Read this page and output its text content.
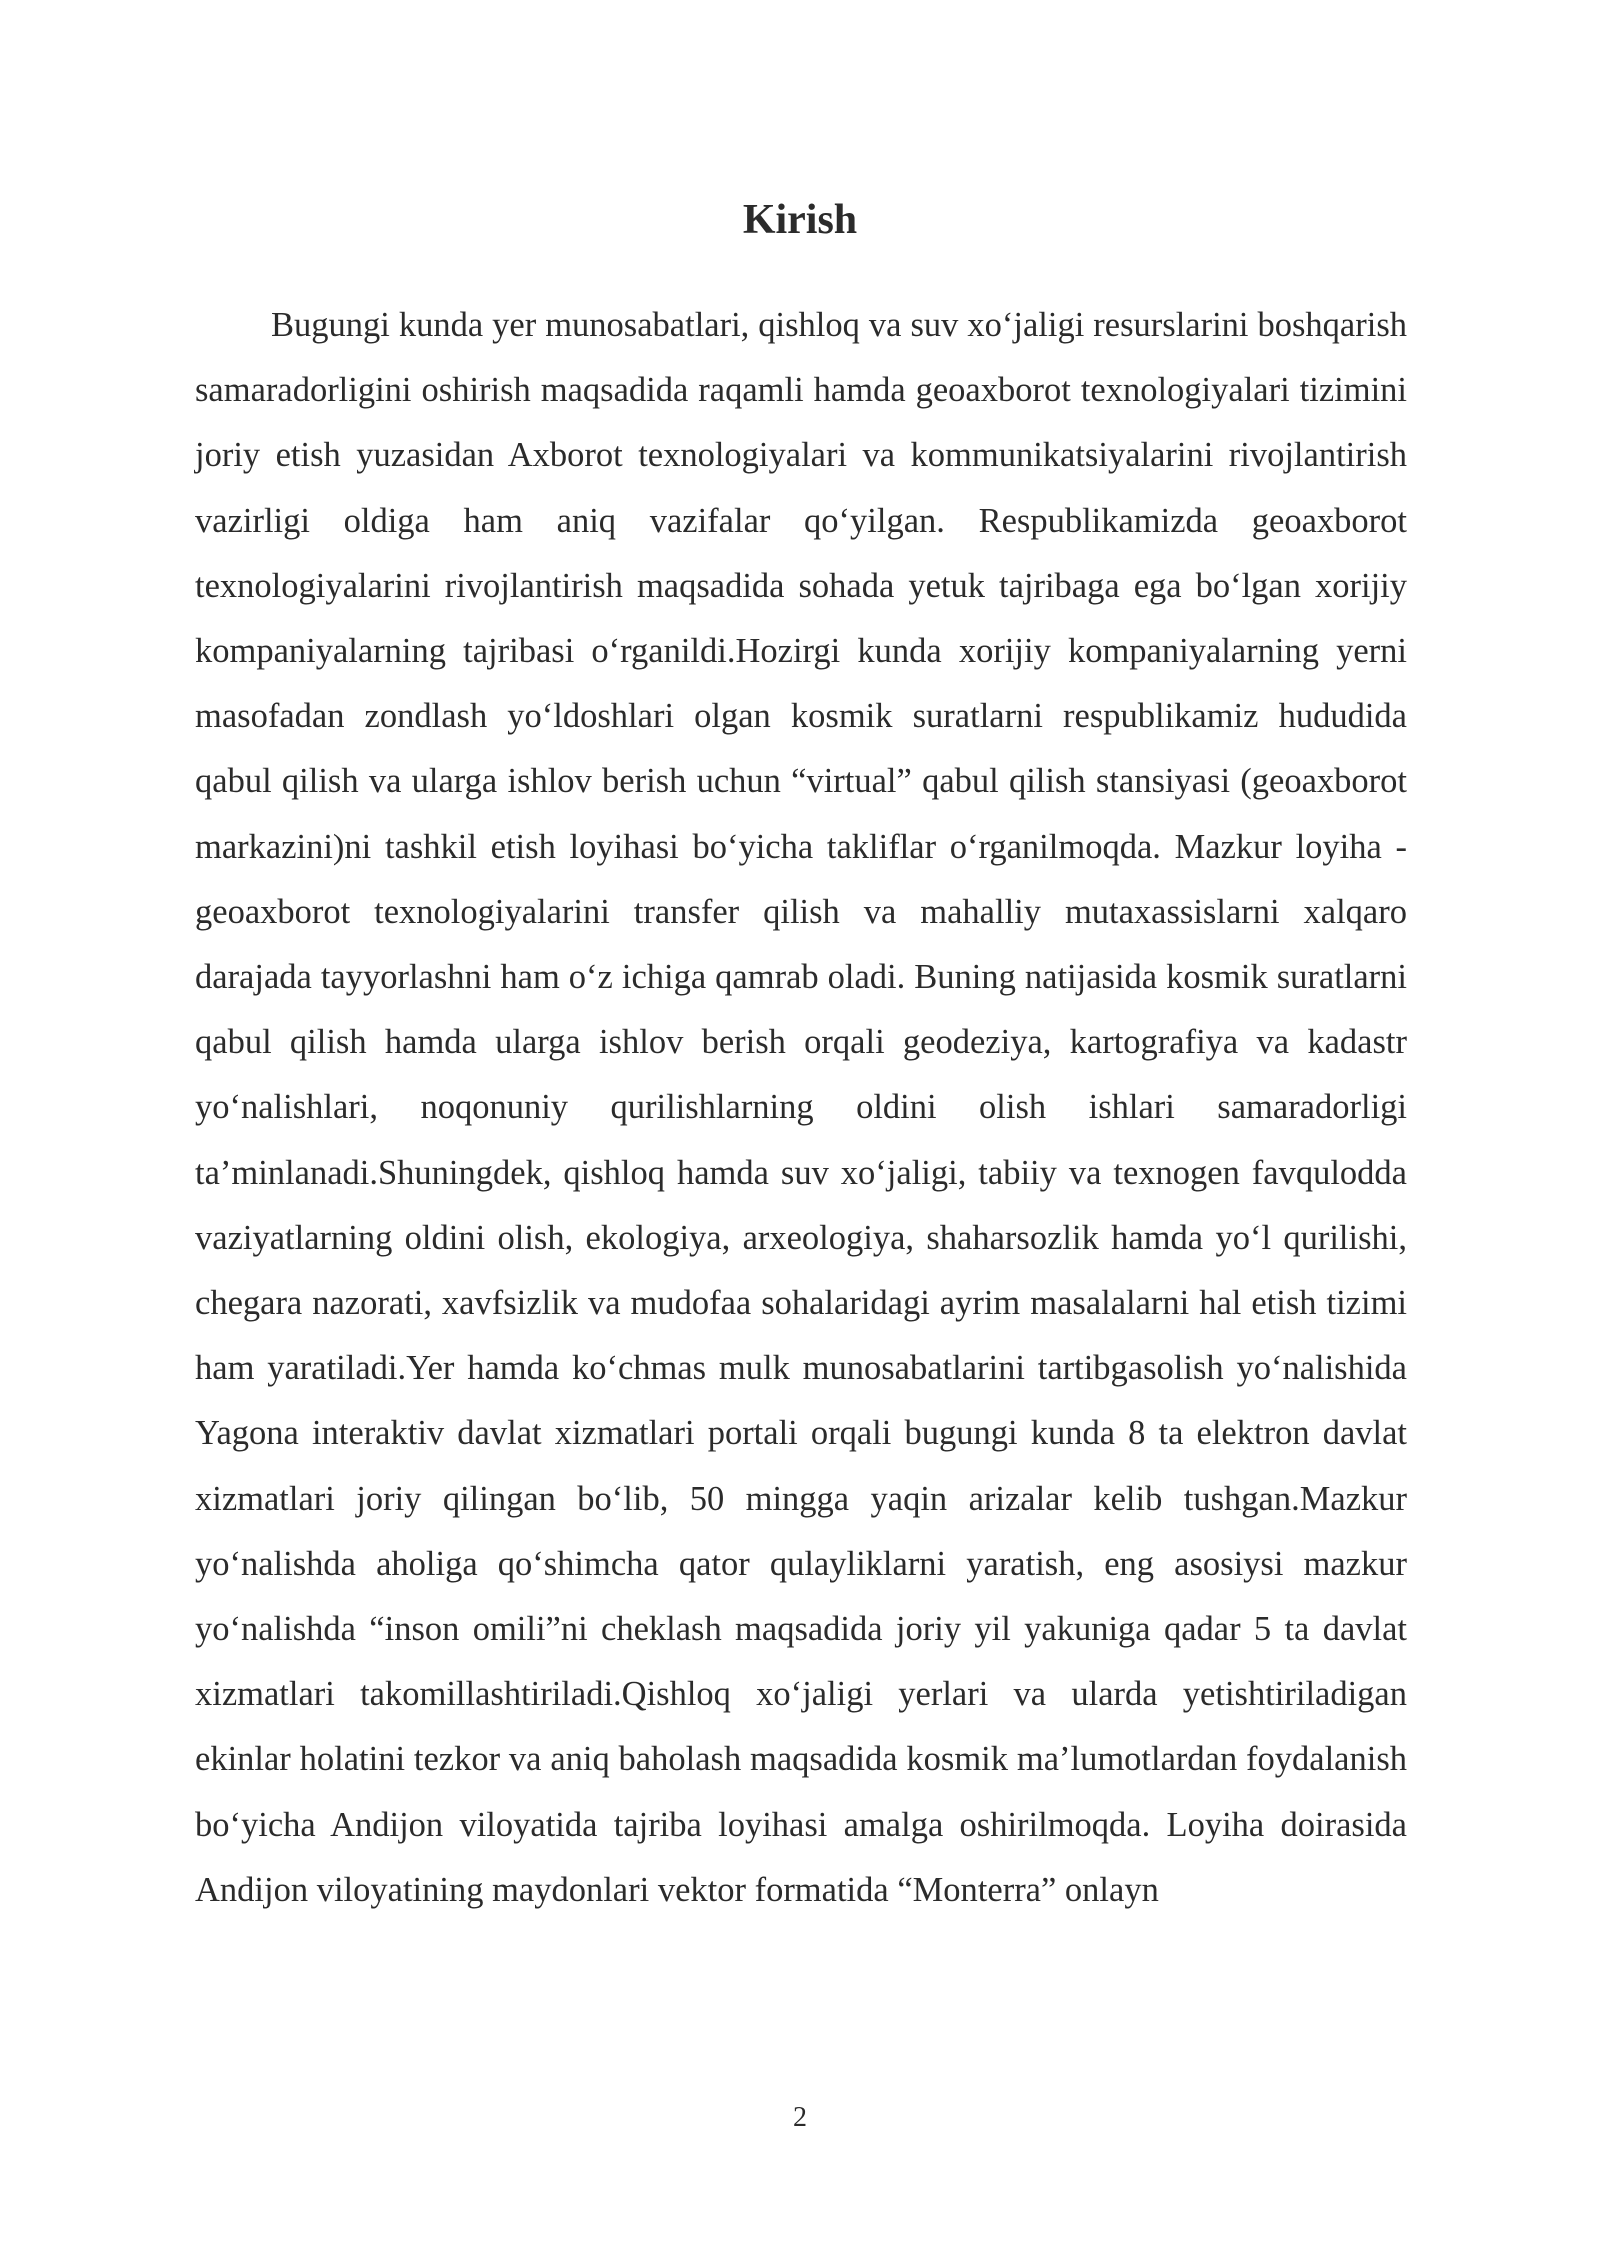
Kirish

Bugungi kunda yer munosabatlari, qishloq va suv xo‘jaligi resurslarini boshqarish samaradorligini oshirish maqsadida raqamli hamda geoaxborot texnologiyalari tizimini joriy etish yuzasidan Axborot texnologiyalari va kommunikatsiyalarini rivojlantirish vazirligi oldiga ham aniq vazifalar qo‘yilgan. Respublikamizda geoaxborot texnologiyalarini rivojlantirish maqsadida sohada yetuk tajribaga ega bo‘lgan xorijiy kompaniyalarning tajribasi o‘rganildi.Hozirgi kunda xorijiy kompaniyalarning yerni masofadan zondlash yo‘ldoshlari olgan kosmik suratlarni respublikamiz hududida qabul qilish va ularga ishlov berish uchun “virtual” qabul qilish stansiyasi (geoaxborot markazini)ni tashkil etish loyihasi bo‘yicha takliflar o‘rganilmoqda. Mazkur loyiha - geoaxborot texnologiyalarini transfer qilish va mahalliy mutaxassislarni xalqaro darajada tayyorlashni ham o‘z ichiga qamrab oladi. Buning natijasida kosmik suratlarni qabul qilish hamda ularga ishlov berish orqali geodeziya, kartografiya va kadastr yo‘nalishlari, noqonuniy qurilishlarning oldini olish ishlari samaradorligi ta’minlanadi.Shuningdek, qishloq hamda suv xo‘jaligi, tabiiy va texnogen favqulodda vaziyatlarning oldini olish, ekologiya, arxeologiya, shaharsozlik hamda yo‘l qurilishi, chegara nazorati, xavfsizlik va mudofaa sohalaridagi ayrim masalalarni hal etish tizimi ham yaratiladi.Yer hamda ko‘chmas mulk munosabatlarini tartibgasolish yo‘nalishida Yagona interaktiv davlat xizmatlari portali orqali bugungi kunda 8 ta elektron davlat xizmatlari joriy qilingan bo‘lib, 50 mingga yaqin arizalar kelib tushgan.Mazkur yo‘nalishda aholiga qo‘shimcha qator qulayliklarni yaratish, eng asosiysi mazkur yo‘nalishda “inson omili”ni cheklash maqsadida joriy yil yakuniga qadar 5 ta davlat xizmatlari takomillashtiriladi.Qishloq xo‘jaligi yerlari va ularda yetishtiriladigan ekinlar holatini tezkor va aniq baholash maqsadida kosmik ma’lumotlardan foydalanish bo‘yicha Andijon viloyatida tajriba loyihasi amalga oshirilmoqda. Loyiha doirasida Andijon viloyatining maydonlari vektor formatida “Monterra” onlayn

2
